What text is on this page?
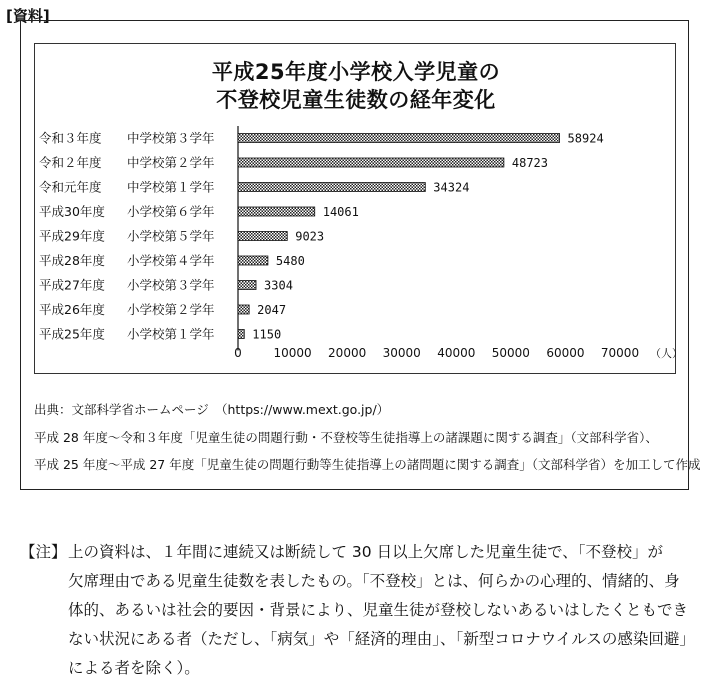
[資料]
平成25年度小学校入学児童の
不登校児童生徒数の経年変化
令和３年度 中学校第３学年	58924
令和２年度 中学校第２学年	48723
令和元年度 中学校第１学年	34324
平成30年度 小学校第６学年	14061
平成29年度 小学校第５学年	9023
平成28年度 小学校第４学年	5480
平成27年度 小学校第３学年	3304
平成26年度 小学校第２学年	2047
平成25年度 小学校第１学年	1150
0	10000 20000 30000 40000 50000 60000 70000 （人）
出典：文部科学省ホームページ　（https://www.mext.go.jp/）
平成 28 年度～令和３年度「児童生徒の問題行動・不登校等生徒指導上の諸課題に関する調査」（文部科学省）、
平成 25 年度～平成 27 年度「児童生徒の問題行動等生徒指導上の諸問題に関する調査」（文部科学省）を加工して作成
【注】 上の資料は、１年間に連続又は断続して 30 日以上欠席した児童生徒で、「不登校」が
欠席理由である児童生徒数を表したもの。「不登校」とは、何らかの心理的、情緒的、身
体的、あるいは社会的要因・背景により、児童生徒が登校しないあるいはしたくともでき
ない状況にある者（ただし、「病気」や「経済的理由」、「新型コロナウイルスの感染回避」
による者を除く）。
